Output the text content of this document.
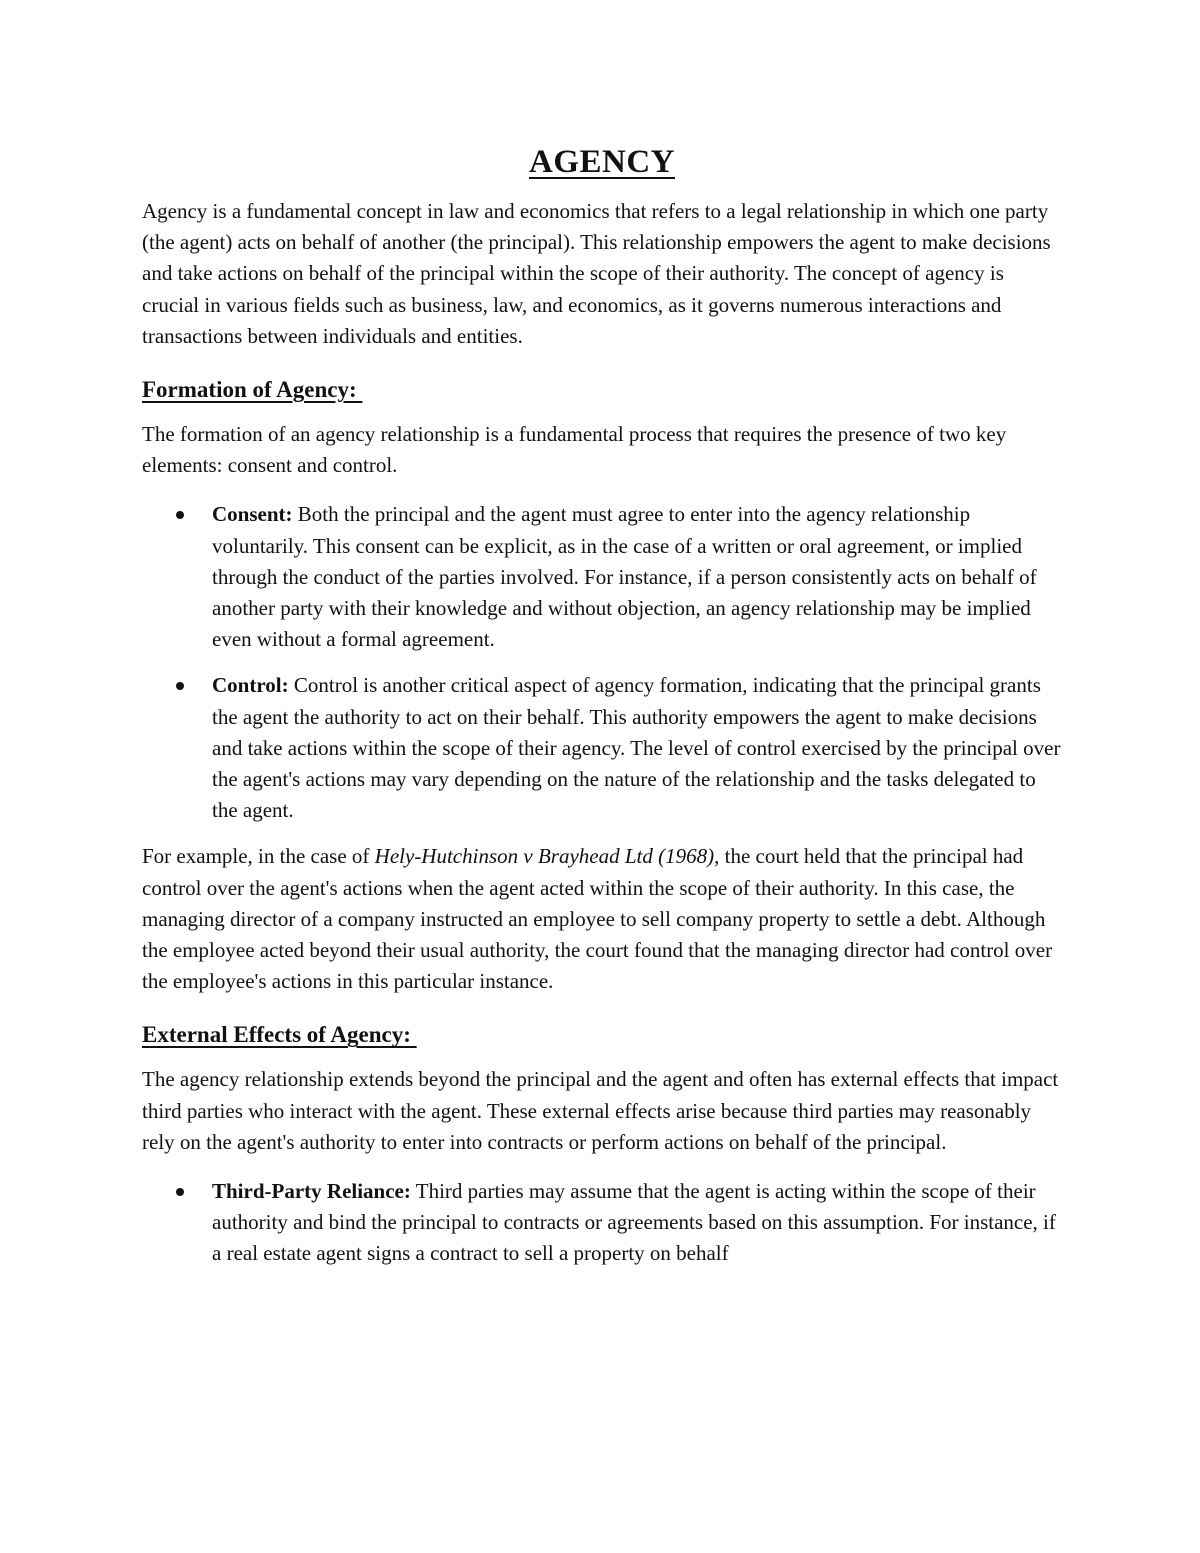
AGENCY

Agency is a fundamental concept in law and economics that refers to a legal relationship in which one party (the agent) acts on behalf of another (the principal). This relationship empowers the agent to make decisions and take actions on behalf of the principal within the scope of their authority. The concept of agency is crucial in various fields such as business, law, and economics, as it governs numerous interactions and transactions between individuals and entities.

Formation of Agency:

The formation of an agency relationship is a fundamental process that requires the presence of two key elements: consent and control.

Consent: Both the principal and the agent must agree to enter into the agency relationship voluntarily. This consent can be explicit, as in the case of a written or oral agreement, or implied through the conduct of the parties involved. For instance, if a person consistently acts on behalf of another party with their knowledge and without objection, an agency relationship may be implied even without a formal agreement.
Control: Control is another critical aspect of agency formation, indicating that the principal grants the agent the authority to act on their behalf. This authority empowers the agent to make decisions and take actions within the scope of their agency. The level of control exercised by the principal over the agent's actions may vary depending on the nature of the relationship and the tasks delegated to the agent.

For example, in the case of Hely-Hutchinson v Brayhead Ltd (1968), the court held that the principal had control over the agent's actions when the agent acted within the scope of their authority. In this case, the managing director of a company instructed an employee to sell company property to settle a debt. Although the employee acted beyond their usual authority, the court found that the managing director had control over the employee's actions in this particular instance.

External Effects of Agency:

The agency relationship extends beyond the principal and the agent and often has external effects that impact third parties who interact with the agent. These external effects arise because third parties may reasonably rely on the agent's authority to enter into contracts or perform actions on behalf of the principal.

Third-Party Reliance: Third parties may assume that the agent is acting within the scope of their authority and bind the principal to contracts or agreements based on this assumption. For instance, if a real estate agent signs a contract to sell a property on behalf
